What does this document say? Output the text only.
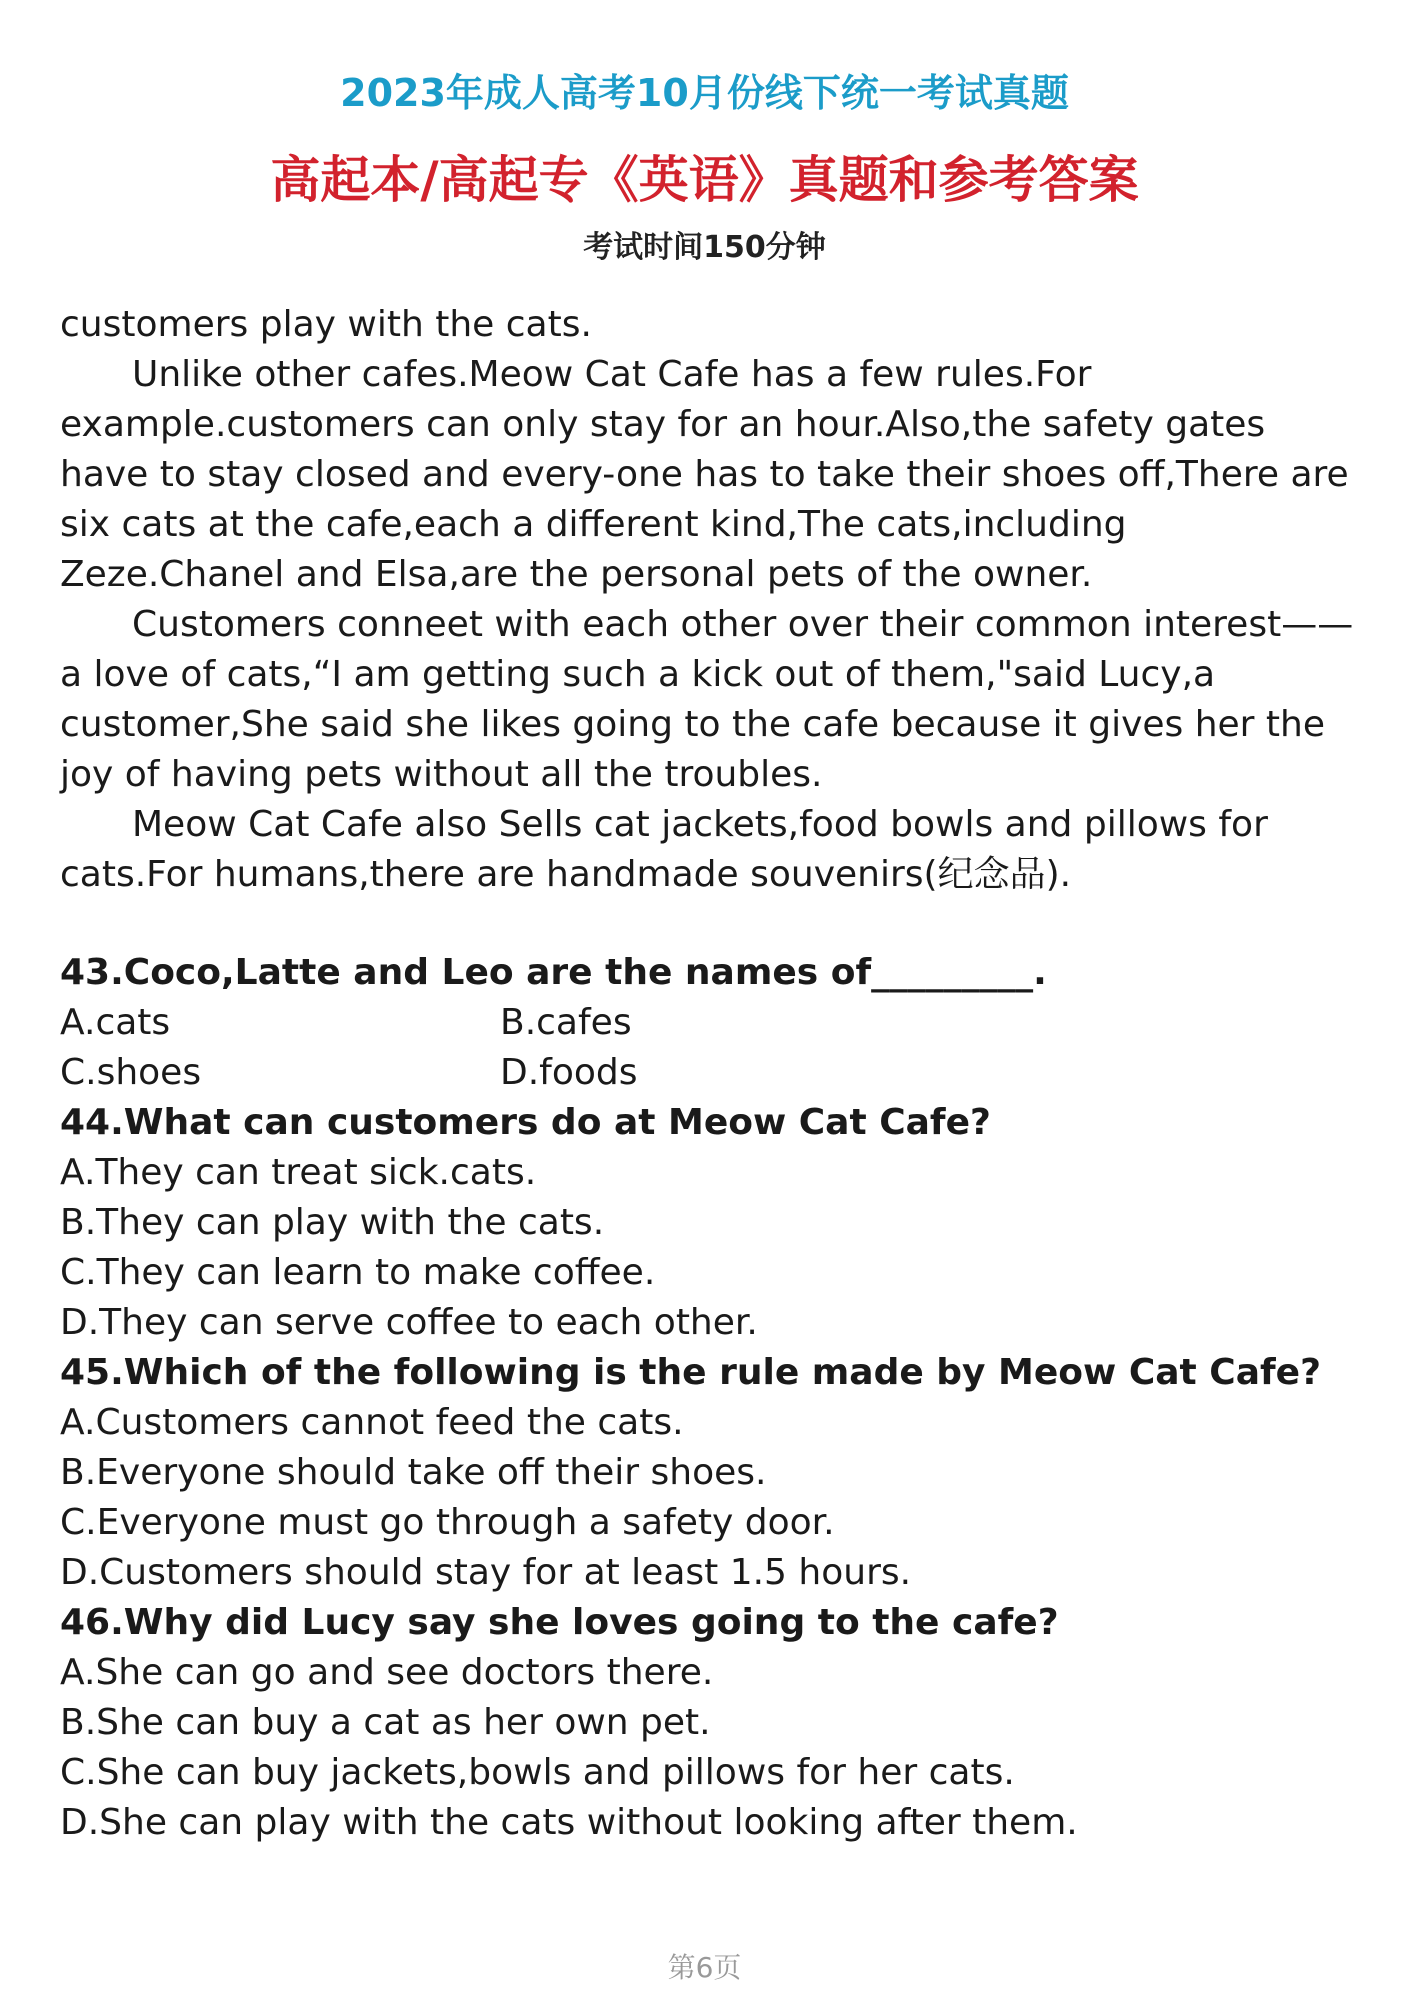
2023年成人高考10月份线下统一考试真题
高起本/高起专《英语》真题和参考答案
考试时间150分钟

customers play with the cats.

Unlike other cafes.Meow Cat Cafe has a few rules.For example.customers can only stay for an hour.Also,the safety gates have to stay closed and every-one has to take their shoes off,There are six cats at the cafe,each a different kind,The cats,including Zeze.Chanel and Elsa,are the personal pets of the owner.

Customers conneet with each other over their common interest——a love of cats,“I am getting such a kick out of them,"said Lucy,a customer,She said she likes going to the cafe because it gives her the joy of having pets without all the troubles.

Meow Cat Cafe also Sells cat jackets,food bowls and pillows for cats.For humans,there are handmade souvenirs(纪念品).

43.Coco,Latte and Leo are the names of_________.

A.cats	B.cafes

C.shoes	D.foods

44.What can customers do at Meow Cat Cafe?

A.They can treat sick.cats.

B.They can play with the cats.

C.They can learn to make coffee.

D.They can serve coffee to each other.

45.Which of the following is the rule made by Meow Cat Cafe?

A.Customers cannot feed the cats.

B.Everyone should take off their shoes.

C.Everyone must go through a safety door.

D.Customers should stay for at least 1.5 hours.

46.Why did Lucy say she loves going to the cafe?

A.She can go and see doctors there.

B.She can buy a cat as her own pet.

C.She can buy jackets,bowls and pillows for her cats.

D.She can play with the cats without looking after them.

第6页
